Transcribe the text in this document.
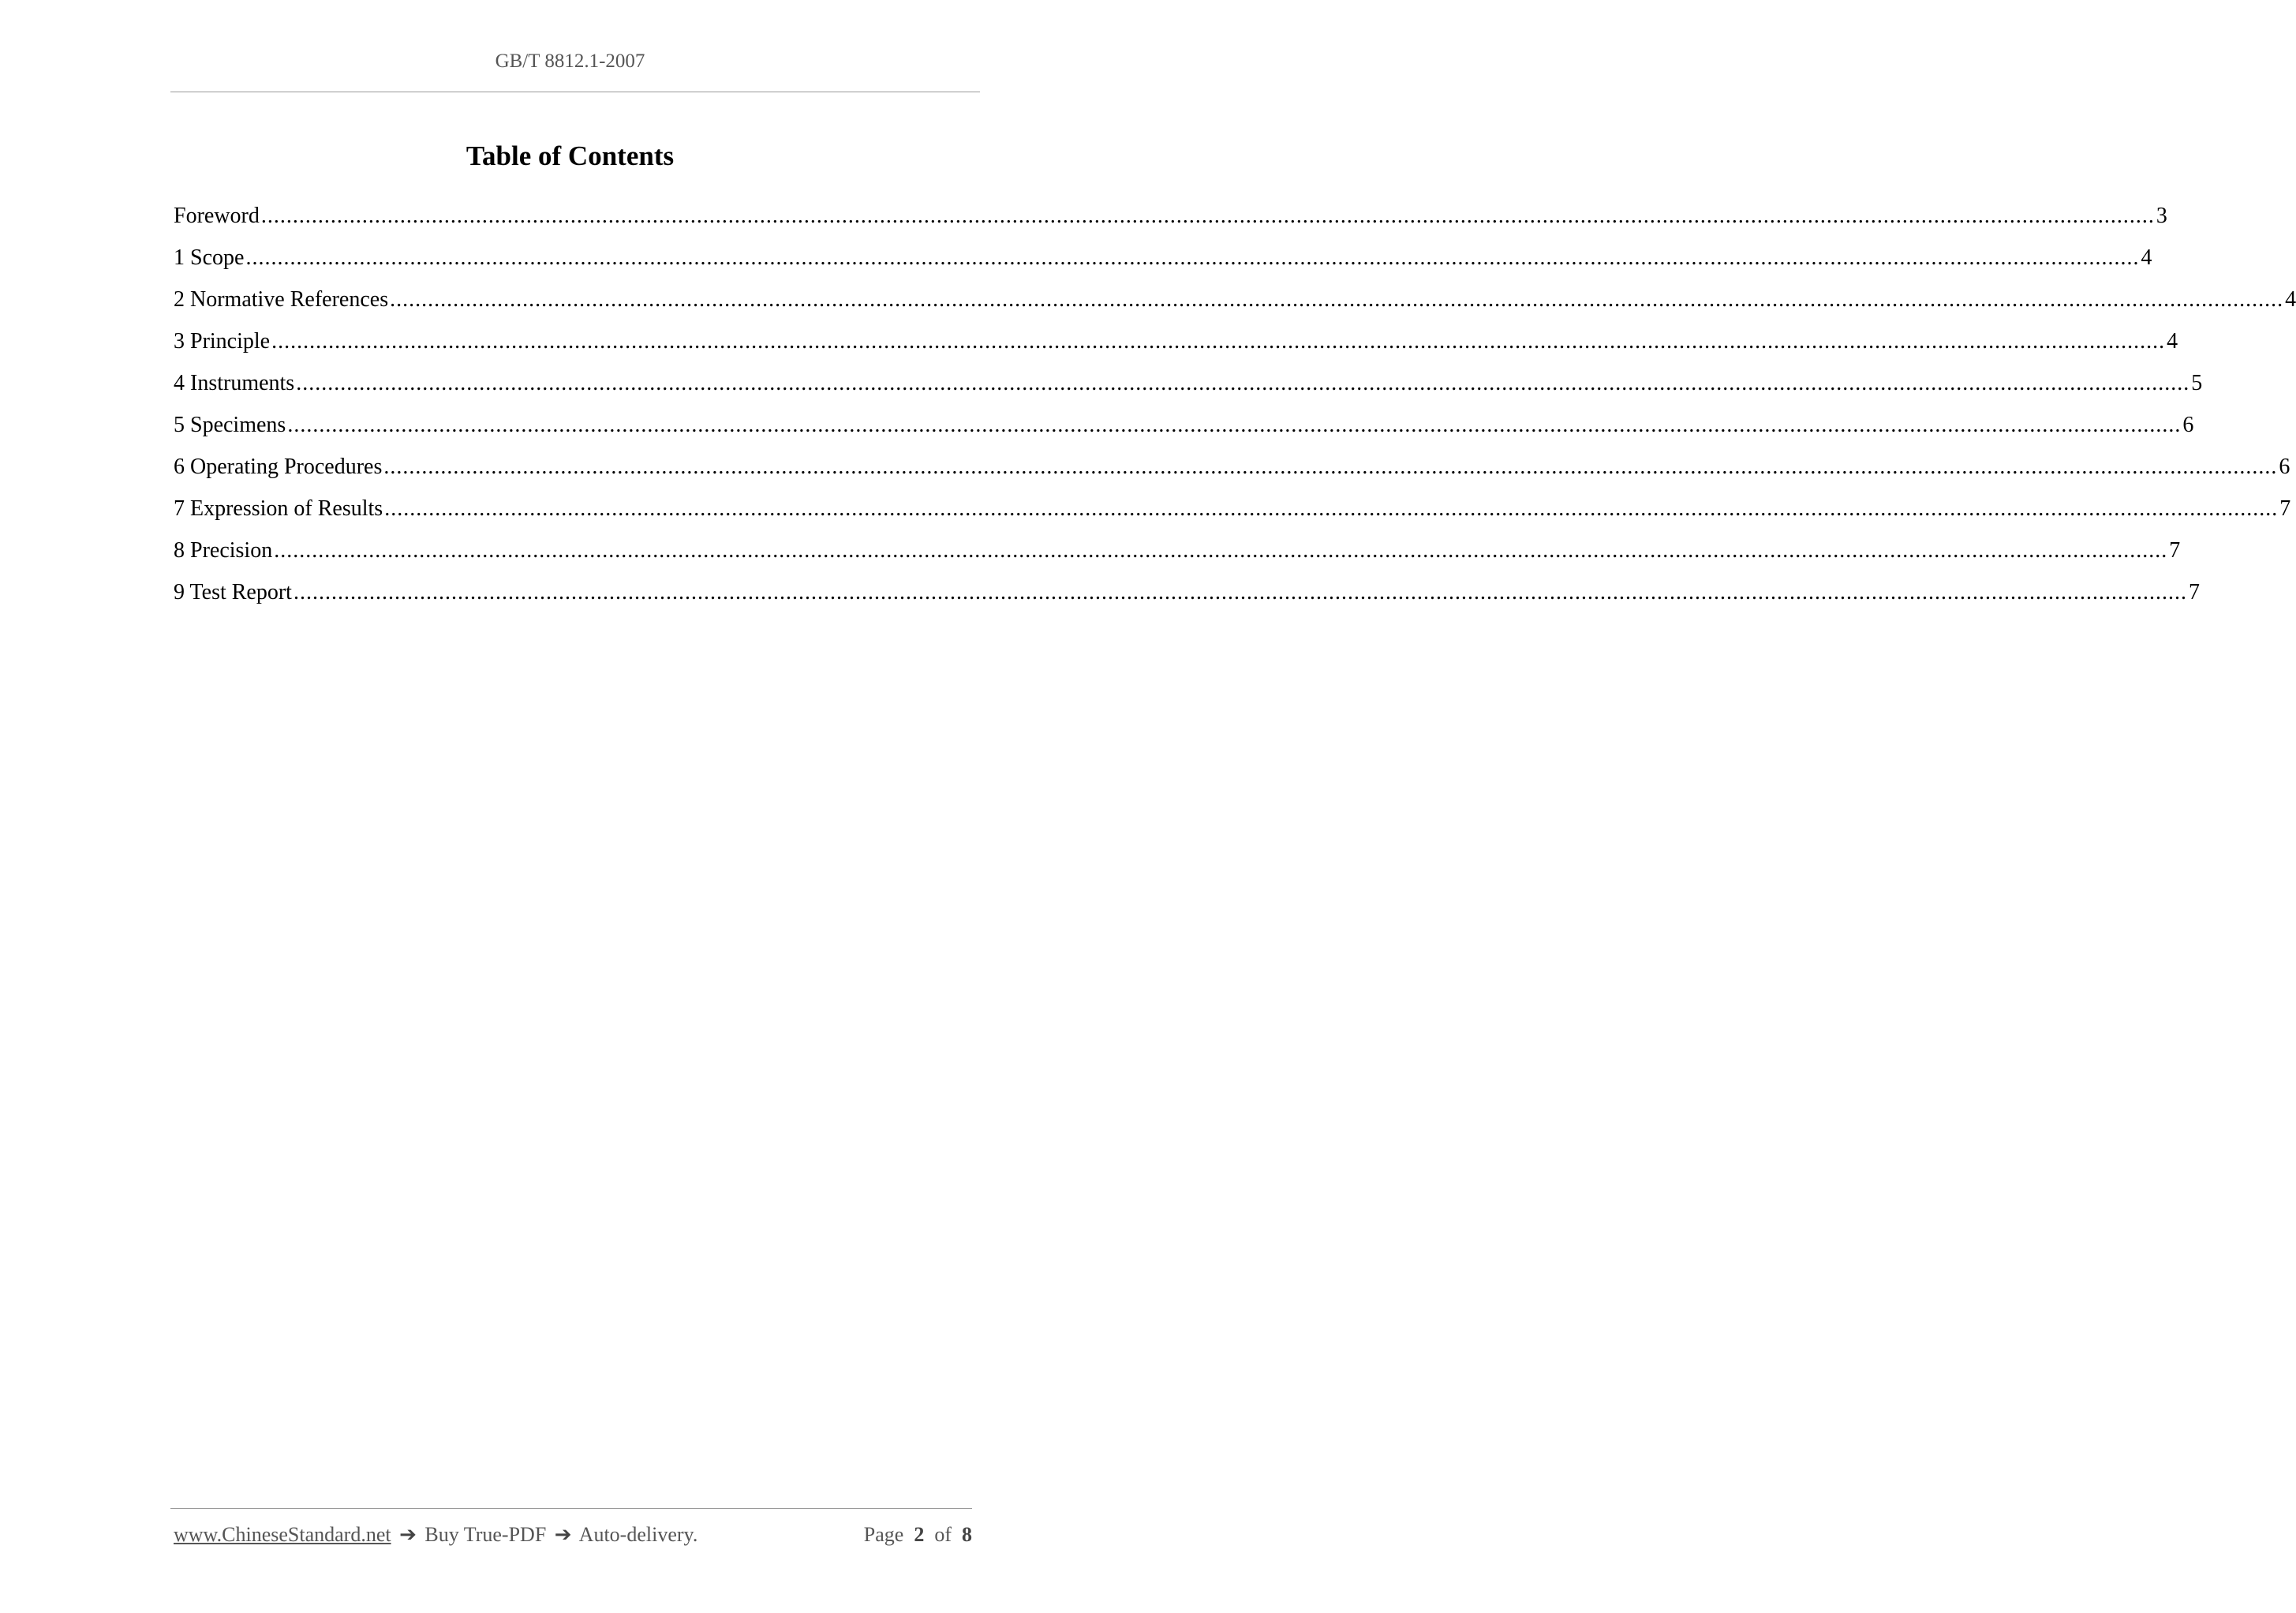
GB/T 8812.1-2007
Table of Contents
Foreword ............................................................................................................................................................................................................................................................................................................ 3
1 Scope ............................................................................................................................................................................................................................................................................................................ 4
2 Normative References ............................................................................................................................................................................................................................................................................................................ 4
3 Principle ............................................................................................................................................................................................................................................................................................................ 4
4 Instruments ............................................................................................................................................................................................................................................................................................................ 5
5 Specimens ............................................................................................................................................................................................................................................................................................................ 6
6 Operating Procedures ............................................................................................................................................................................................................................................................................................................ 6
7 Expression of Results ............................................................................................................................................................................................................................................................................................................ 7
8 Precision ............................................................................................................................................................................................................................................................................................................ 7
9 Test Report ............................................................................................................................................................................................................................................................................................................ 7
www.ChineseStandard.net ➔ Buy True-PDF ➔ Auto-delivery.	Page 2 of 8
